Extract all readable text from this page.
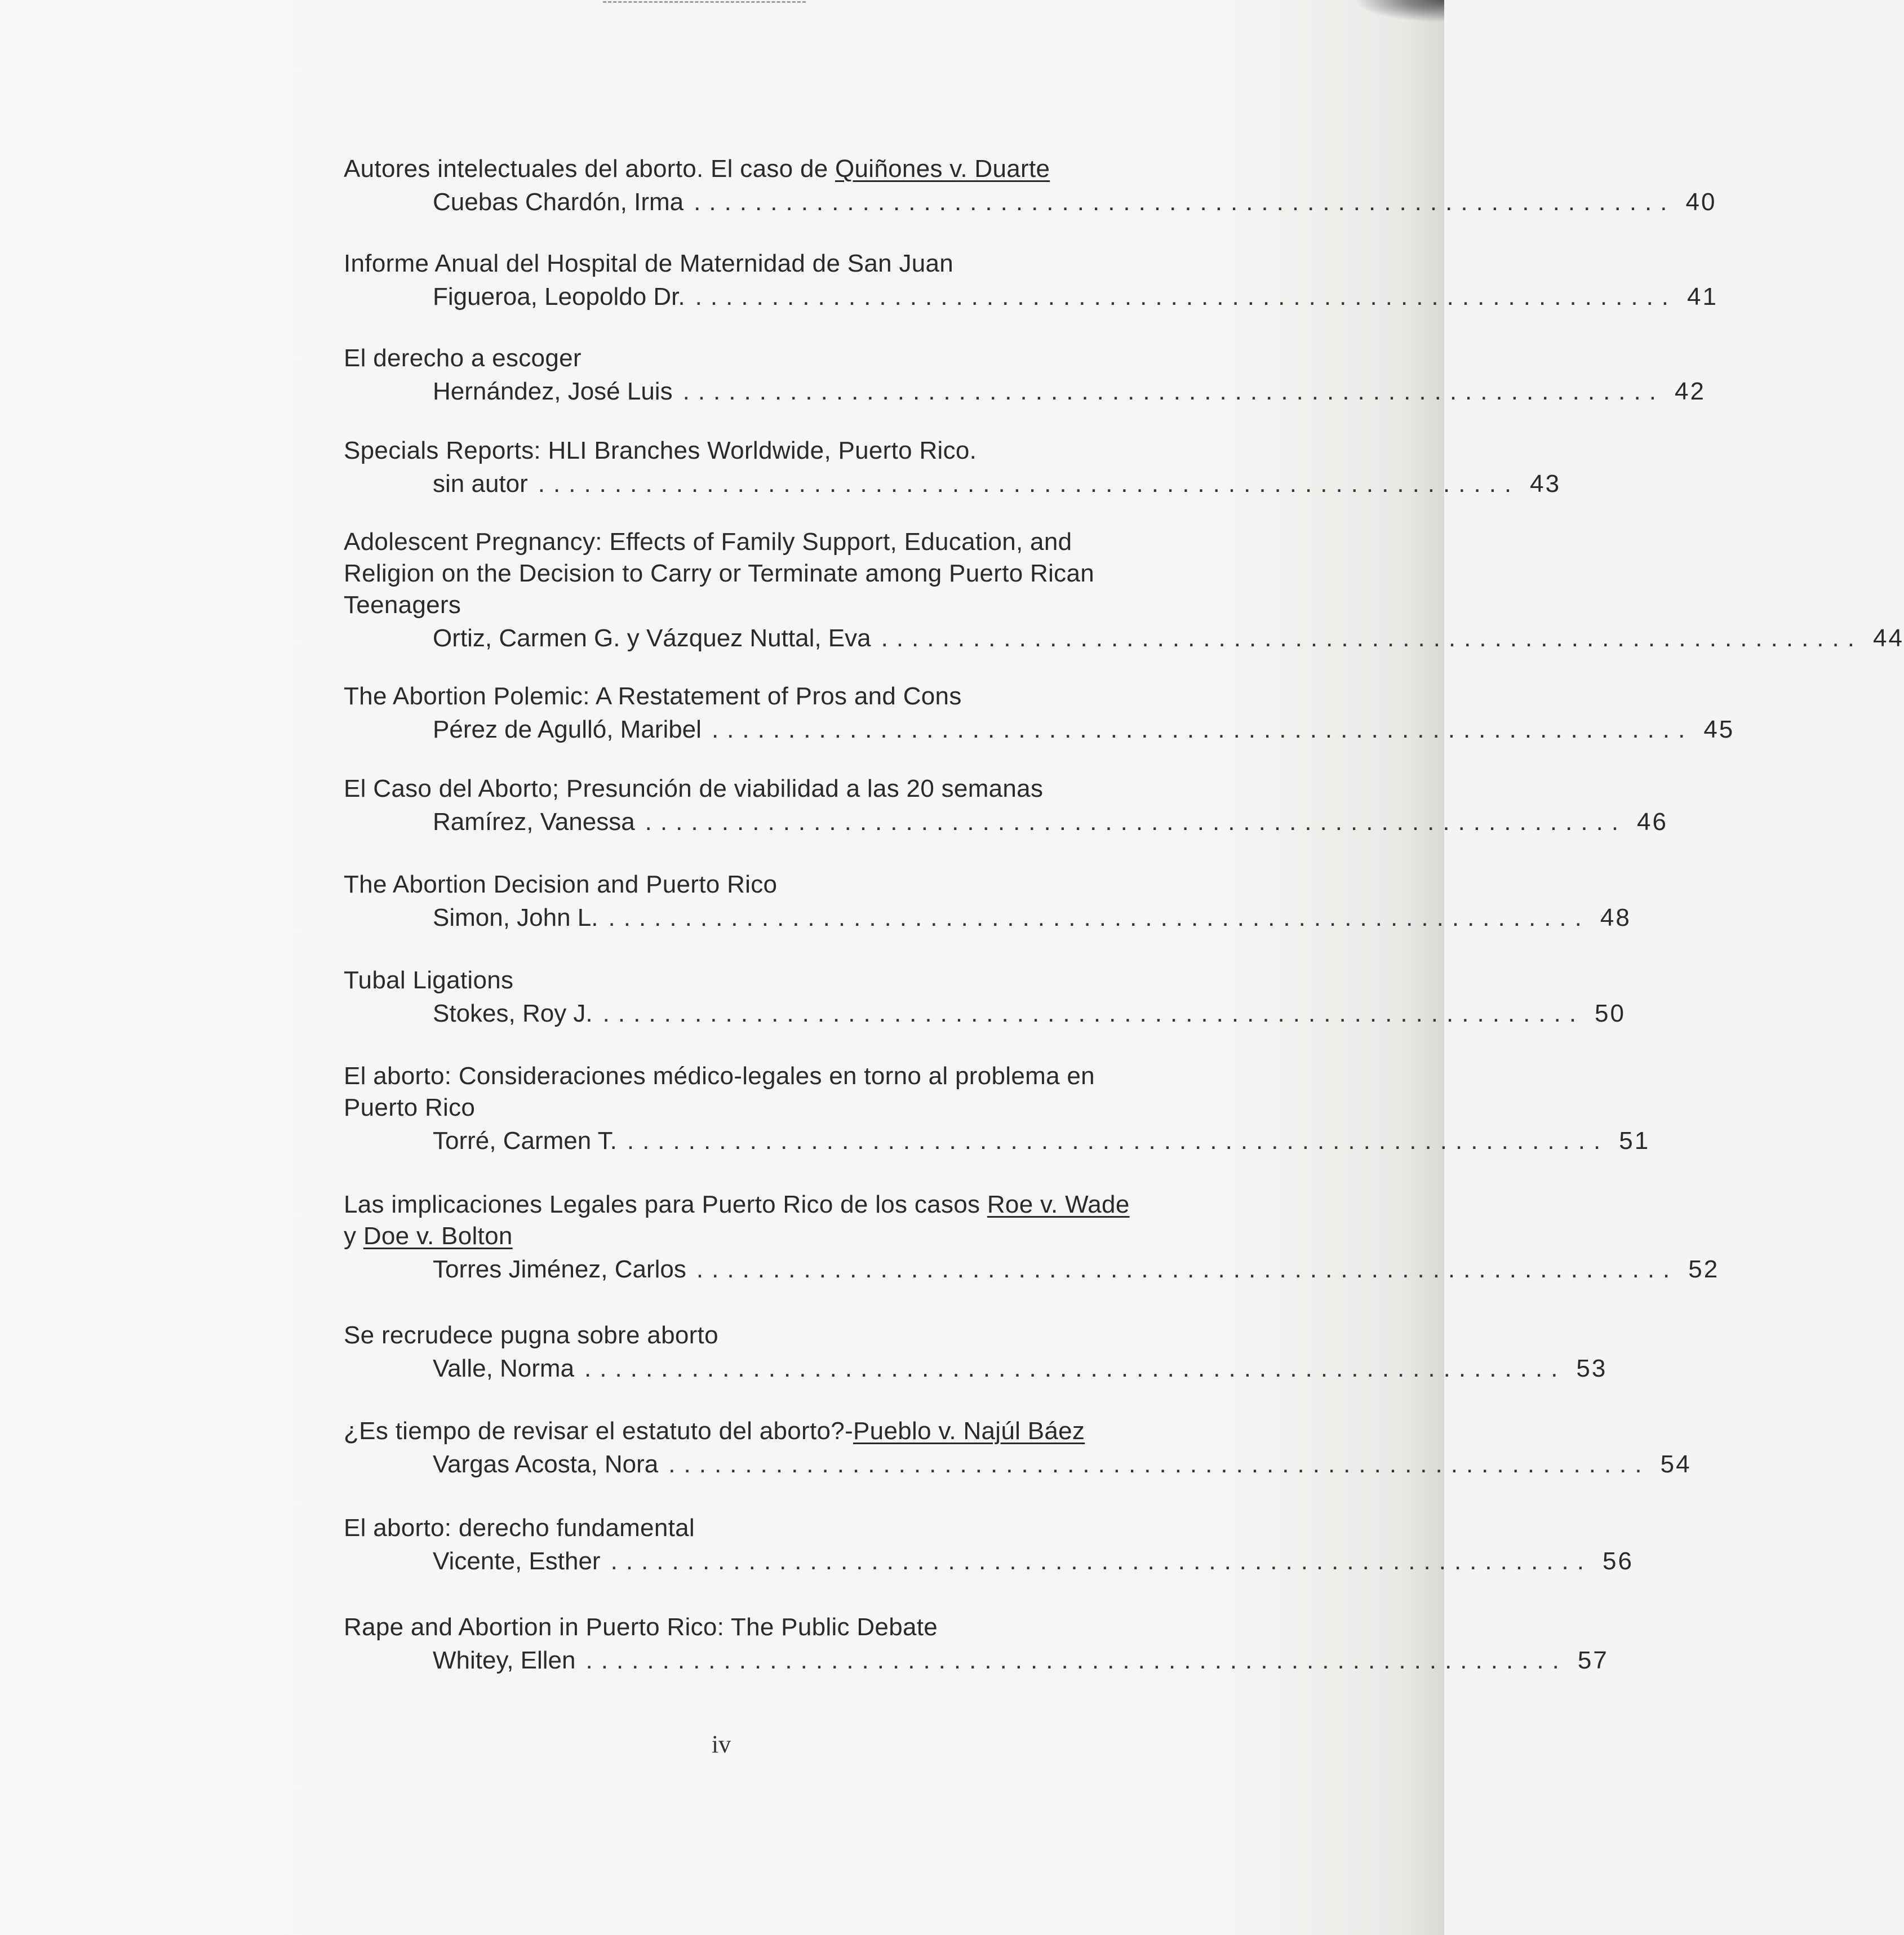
Autores intelectuales del aborto. El caso de Quiñones v. Duarte
Cuebas Chardón, Irma ................................................................ 40
Informe Anual del Hospital de Maternidad de San Juan
Figueroa, Leopoldo Dr. ................................................................ 41
El derecho a escoger
Hernández, José Luis ................................................................ 42
Specials Reports: HLI Branches Worldwide, Puerto Rico.
sin autor ................................................................ 43
Adolescent Pregnancy: Effects of Family Support, Education, and
Religion on the Decision to Carry or Terminate among Puerto Rican
Teenagers
Ortiz, Carmen G. y Vázquez Nuttal, Eva ................................................................ 44
The Abortion Polemic: A Restatement of Pros and Cons
Pérez de Agulló, Maribel ................................................................ 45
El Caso del Aborto; Presunción de viabilidad a las 20 semanas
Ramírez, Vanessa ................................................................ 46
The Abortion Decision and Puerto Rico
Simon, John L. ................................................................ 48
Tubal Ligations
Stokes, Roy J. ................................................................ 50
El aborto: Consideraciones médico-legales en torno al problema en
Puerto Rico
Torré, Carmen T. ................................................................ 51
Las implicaciones Legales para Puerto Rico de los casos Roe v. Wade
y Doe v. Bolton
Torres Jiménez, Carlos ................................................................ 52
Se recrudece pugna sobre aborto
Valle, Norma ................................................................ 53
¿Es tiempo de revisar el estatuto del aborto?-Pueblo v. Najúl Báez
Vargas Acosta, Nora ................................................................ 54
El aborto: derecho fundamental
Vicente, Esther ................................................................ 56
Rape and Abortion in Puerto Rico: The Public Debate
Whitey, Ellen ................................................................ 57
iv
